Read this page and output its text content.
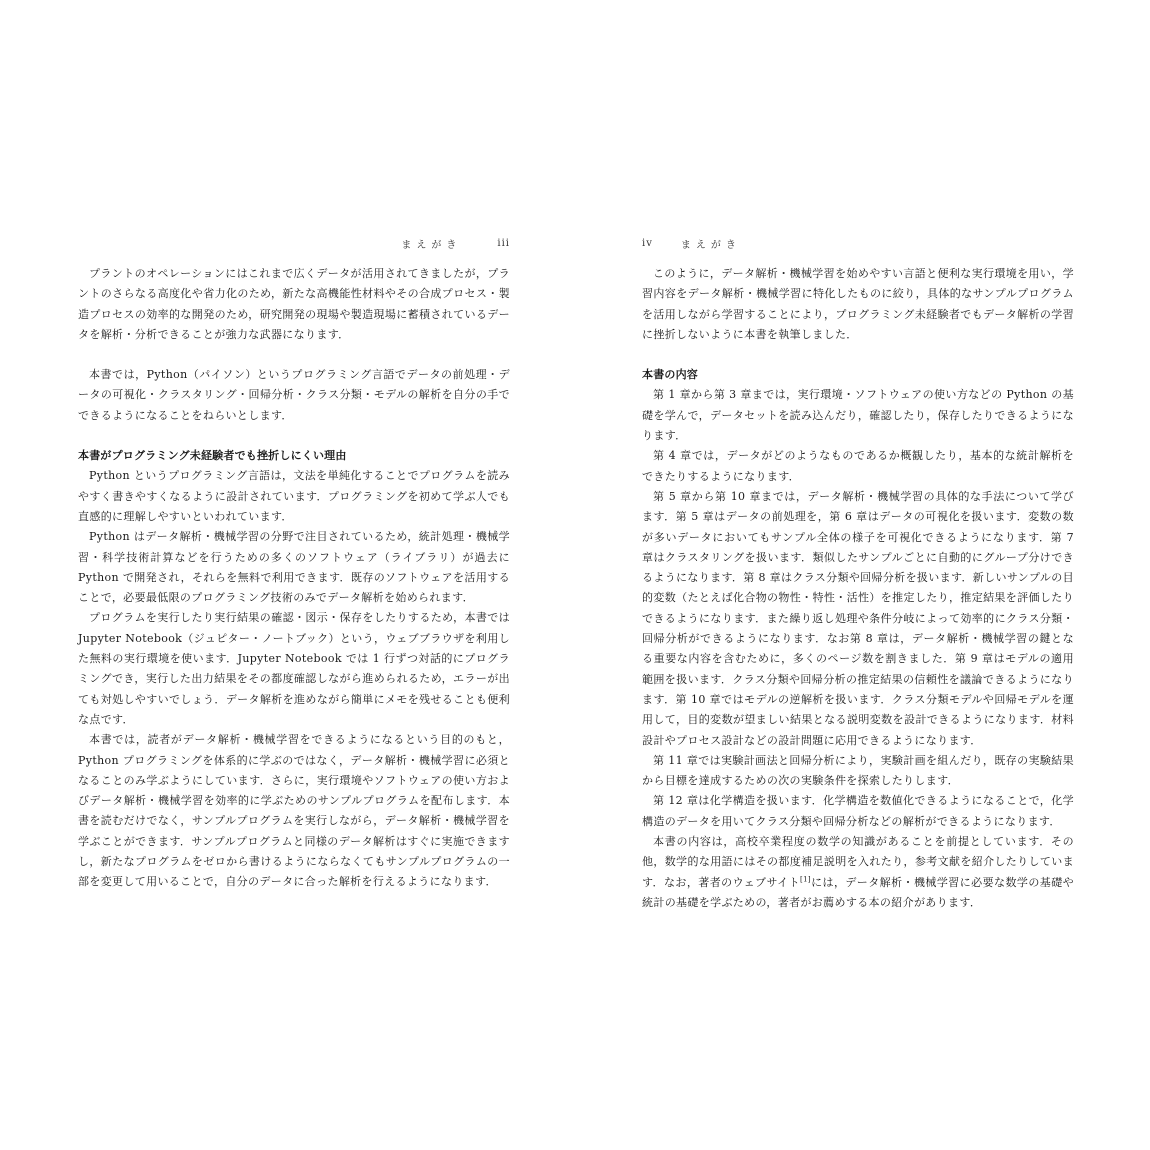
まえがき	iii

プラントのオペレーションにはこれまで広くデータが活用されてきましたが，プラントのさらなる高度化や省力化のため，新たな高機能性材料やその合成プロセス・製造プロセスの効率的な開発のため，研究開発の現場や製造現場に蓄積されているデータを解析・分析できることが強力な武器になります．

本書では，Python（パイソン）というプログラミング言語でデータの前処理・データの可視化・クラスタリング・回帰分析・クラス分類・モデルの解析を自分の手でできるようになることをねらいとします．

本書がプログラミング未経験者でも挫折しにくい理由

Python というプログラミング言語は，文法を単純化することでプログラムを読みやすく書きやすくなるように設計されています．プログラミングを初めて学ぶ人でも直感的に理解しやすいといわれています．

Python はデータ解析・機械学習の分野で注目されているため，統計処理・機械学習・科学技術計算などを行うための多くのソフトウェア（ライブラリ）が過去に Python で開発され，それらを無料で利用できます．既存のソフトウェアを活用することで，必要最低限のプログラミング技術のみでデータ解析を始められます．

プログラムを実行したり実行結果の確認・図示・保存をしたりするため，本書では Jupyter Notebook（ジュピター・ノートブック）という，ウェブブラウザを利用した無料の実行環境を使います．Jupyter Notebook では 1 行ずつ対話的にプログラミングでき，実行した出力結果をその都度確認しながら進められるため，エラーが出ても対処しやすいでしょう．データ解析を進めながら簡単にメモを残せることも便利な点です．

本書では，読者がデータ解析・機械学習をできるようになるという目的のもと，Python プログラミングを体系的に学ぶのではなく，データ解析・機械学習に必須となることのみ学ぶようにしています．さらに，実行環境やソフトウェアの使い方およびデータ解析・機械学習を効率的に学ぶためのサンプルプログラムを配布します．本書を読むだけでなく，サンプルプログラムを実行しながら，データ解析・機械学習を学ぶことができます．サンプルプログラムと同様のデータ解析はすぐに実施できますし，新たなプログラムをゼロから書けるようにならなくてもサンプルプログラムの一部を変更して用いることで，自分のデータに合った解析を行えるようになります．

iv	まえがき

このように，データ解析・機械学習を始めやすい言語と便利な実行環境を用い，学習内容をデータ解析・機械学習に特化したものに絞り，具体的なサンプルプログラムを活用しながら学習することにより，プログラミング未経験者でもデータ解析の学習に挫折しないように本書を執筆しました．

本書の内容

第 1 章から第 3 章までは，実行環境・ソフトウェアの使い方などの Python の基礎を学んで，データセットを読み込んだり，確認したり，保存したりできるようになります．

第 4 章では，データがどのようなものであるか概観したり，基本的な統計解析をできたりするようになります．

第 5 章から第 10 章までは，データ解析・機械学習の具体的な手法について学びます．第 5 章はデータの前処理を，第 6 章はデータの可視化を扱います．変数の数が多いデータにおいてもサンプル全体の様子を可視化できるようになります．第 7 章はクラスタリングを扱います．類似したサンプルごとに自動的にグループ分けできるようになります．第 8 章はクラス分類や回帰分析を扱います．新しいサンプルの目的変数（たとえば化合物の物性・特性・活性）を推定したり，推定結果を評価したりできるようになります．また繰り返し処理や条件分岐によって効率的にクラス分類・回帰分析ができるようになります．なお第 8 章は，データ解析・機械学習の鍵となる重要な内容を含むために，多くのページ数を割きました．第 9 章はモデルの適用範囲を扱います．クラス分類や回帰分析の推定結果の信頼性を議論できるようになります．第 10 章ではモデルの逆解析を扱います．クラス分類モデルや回帰モデルを運用して，目的変数が望ましい結果となる説明変数を設計できるようになります．材料設計やプロセス設計などの設計問題に応用できるようになります．

第 11 章では実験計画法と回帰分析により，実験計画を組んだり，既存の実験結果から目標を達成するための次の実験条件を探索したりします．

第 12 章は化学構造を扱います．化学構造を数値化できるようになることで，化学構造のデータを用いてクラス分類や回帰分析などの解析ができるようになります．

本書の内容は，高校卒業程度の数学の知識があることを前提としています．その他，数学的な用語にはその都度補足説明を入れたり，参考文献を紹介したりしています．なお，著者のウェブサイト[1]には，データ解析・機械学習に必要な数学の基礎や統計の基礎を学ぶための，著者がお薦めする本の紹介があります．
